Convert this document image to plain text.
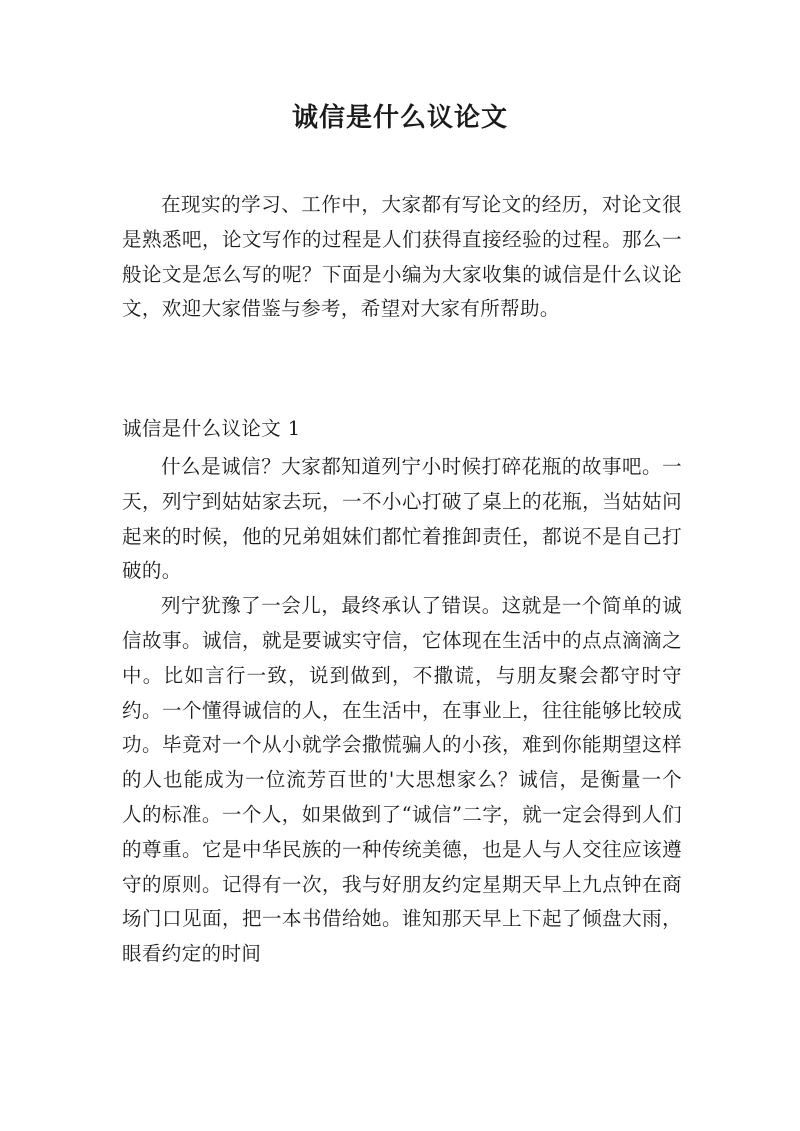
诚信是什么议论文

在现实的学习、工作中，大家都有写论文的经历，对论文很是熟悉吧，论文写作的过程是人们获得直接经验的过程。那么一般论文是怎么写的呢？下面是小编为大家收集的诚信是什么议论文，欢迎大家借鉴与参考，希望对大家有所帮助。

诚信是什么议论文 1

什么是诚信？大家都知道列宁小时候打碎花瓶的故事吧。一天，列宁到姑姑家去玩，一不小心打破了桌上的花瓶，当姑姑问起来的时候，他的兄弟姐妹们都忙着推卸责任，都说不是自己打破的。

列宁犹豫了一会儿，最终承认了错误。这就是一个简单的诚信故事。诚信，就是要诚实守信，它体现在生活中的点点滴滴之中。比如言行一致，说到做到，不撒谎，与朋友聚会都守时守约。一个懂得诚信的人，在生活中，在事业上，往往能够比较成功。毕竟对一个从小就学会撒慌骗人的小孩，难到你能期望这样的人也能成为一位流芳百世的'大思想家么？诚信，是衡量一个人的标准。一个人，如果做到了“诚信”二字，就一定会得到人们的尊重。它是中华民族的一种传统美德，也是人与人交往应该遵守的原则。记得有一次，我与好朋友约定星期天早上九点钟在商场门口见面，把一本书借给她。谁知那天早上下起了倾盘大雨，眼看约定的时间
